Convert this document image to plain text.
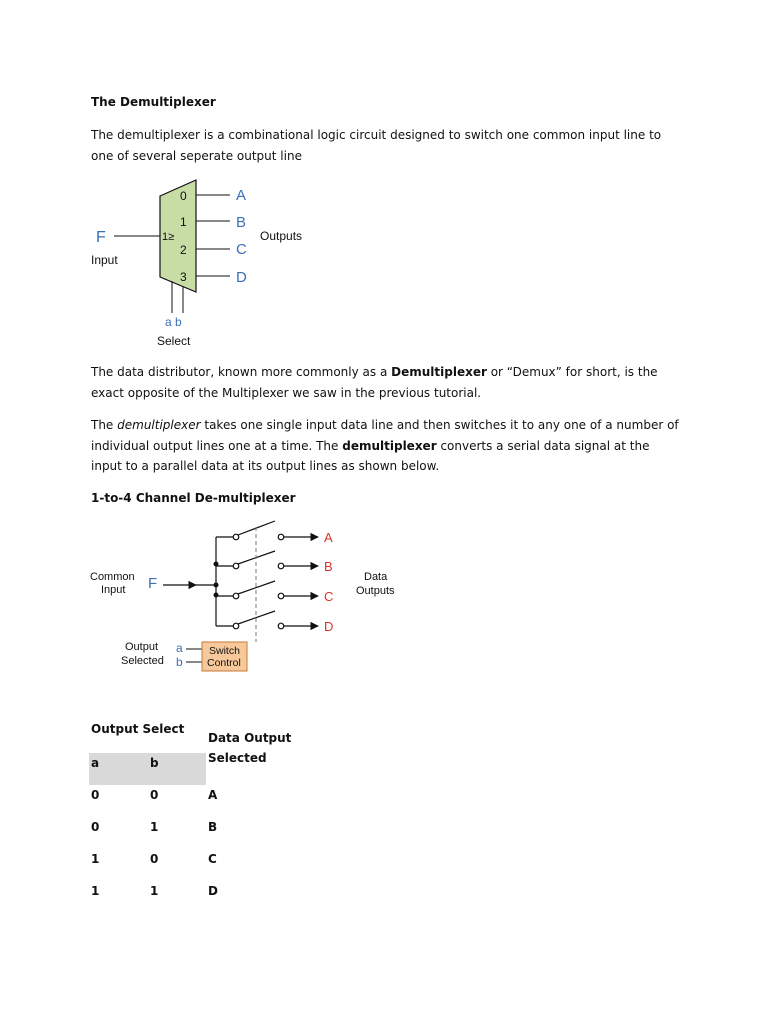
The Demultiplexer
The demultiplexer is a combinational logic circuit designed to switch one common input line to one of several seperate output line
F
Input
1≥
0
1
2
3
A
B
C
D
Outputs
a b
Select

The data distributor, known more commonly as a Demultiplexer or “Demux” for short, is the exact opposite of the Multiplexer we saw in the previous tutorial.

The demultiplexer takes one single input data line and then switches it to any one of a number of individual output lines one at a time. The demultiplexer converts a serial data signal at the input to a parallel data at its output lines as shown below.

1-to-4 Channel De-multiplexer
Common
Input F
A
B
C
D
Data
Outputs
Output
Selected
a
b
Switch
Control
Output Select
Data Output
Selected
a	b
0	0	A
0	1	B
1	0	C
1	1	D
